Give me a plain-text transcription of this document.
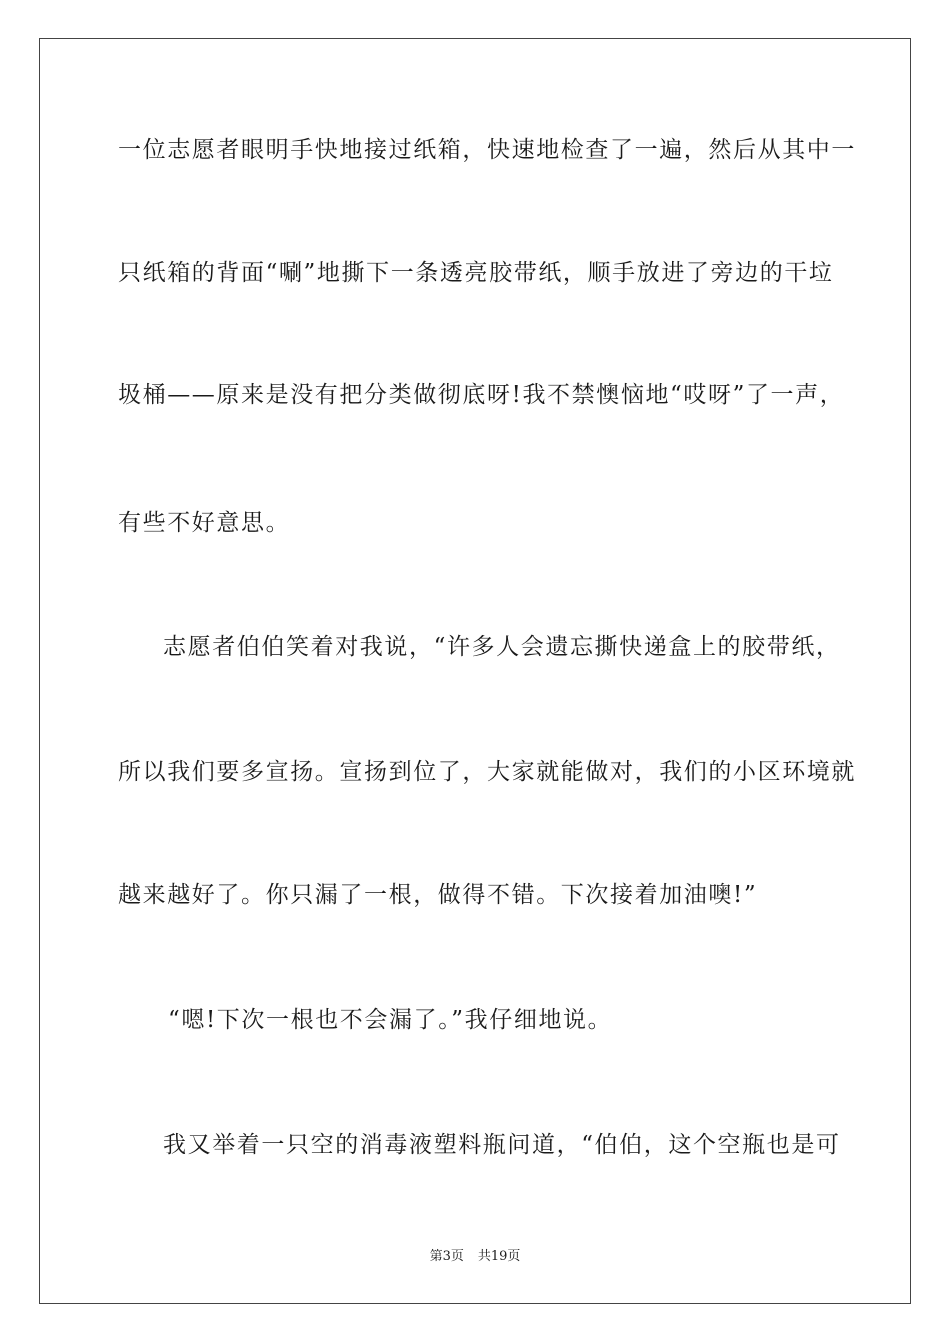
一位志愿者眼明手快地接过纸箱，快速地检查了一遍，然后从其中一
只纸箱的背面“唰”地撕下一条透亮胶带纸，顺手放进了旁边的干垃
圾桶——原来是没有把分类做彻底呀!我不禁懊恼地“哎呀”了一声，
有些不好意思。
志愿者伯伯笑着对我说，“许多人会遗忘撕快递盒上的胶带纸，
所以我们要多宣扬。宣扬到位了，大家就能做对，我们的小区环境就
越来越好了。你只漏了一根，做得不错。下次接着加油噢!”
“嗯!下次一根也不会漏了。”我仔细地说。
我又举着一只空的消毒液塑料瓶问道，“伯伯，这个空瓶也是可
第3页 共19页
